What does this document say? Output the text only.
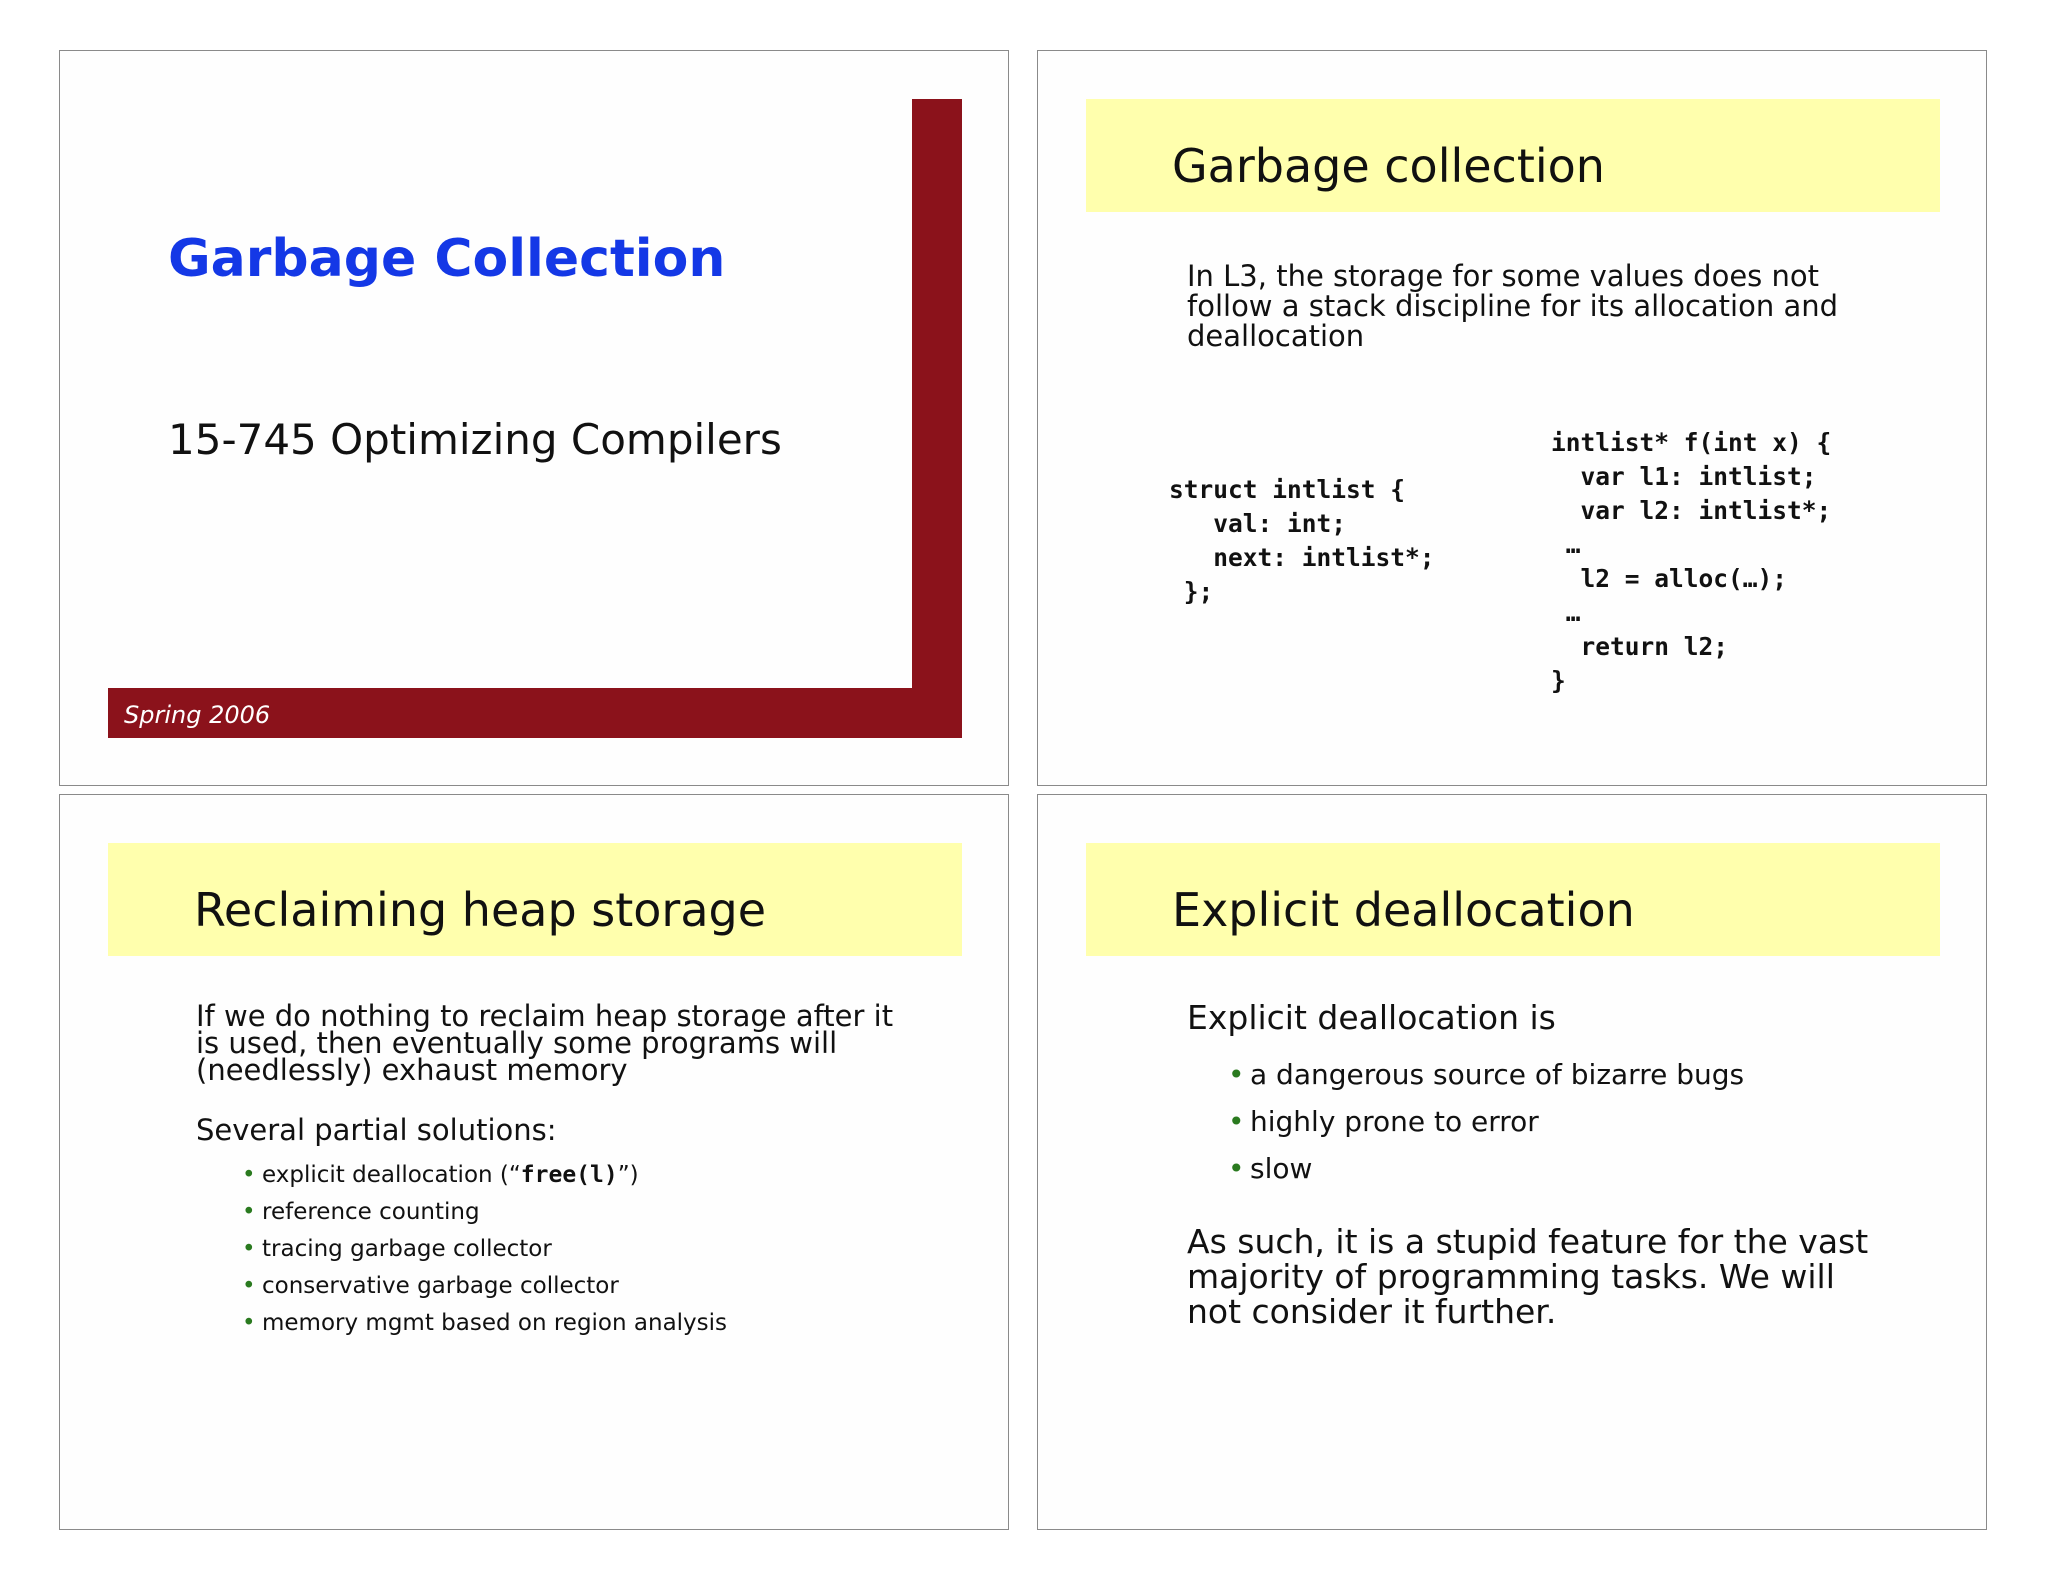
Garbage Collection
15-745 Optimizing Compilers
Spring 2006
Garbage collection
In L3, the storage for some values does not follow a stack discipline for its allocation and deallocation
struct intlist {
val: int;
next: intlist*;
};
intlist* f(int x) {
var l1: intlist;
var l2: intlist*;
…
l2 = alloc(…);
…
return l2;
}
Reclaiming heap storage
If we do nothing to reclaim heap storage after it is used, then eventually some programs will (needlessly) exhaust memory
Several partial solutions:
• explicit deallocation (“free(l)”)
• reference counting
• tracing garbage collector
• conservative garbage collector
• memory mgmt based on region analysis
Explicit deallocation
Explicit deallocation is
• a dangerous source of bizarre bugs
• highly prone to error
• slow
As such, it is a stupid feature for the vast majority of programming tasks. We will not consider it further.
